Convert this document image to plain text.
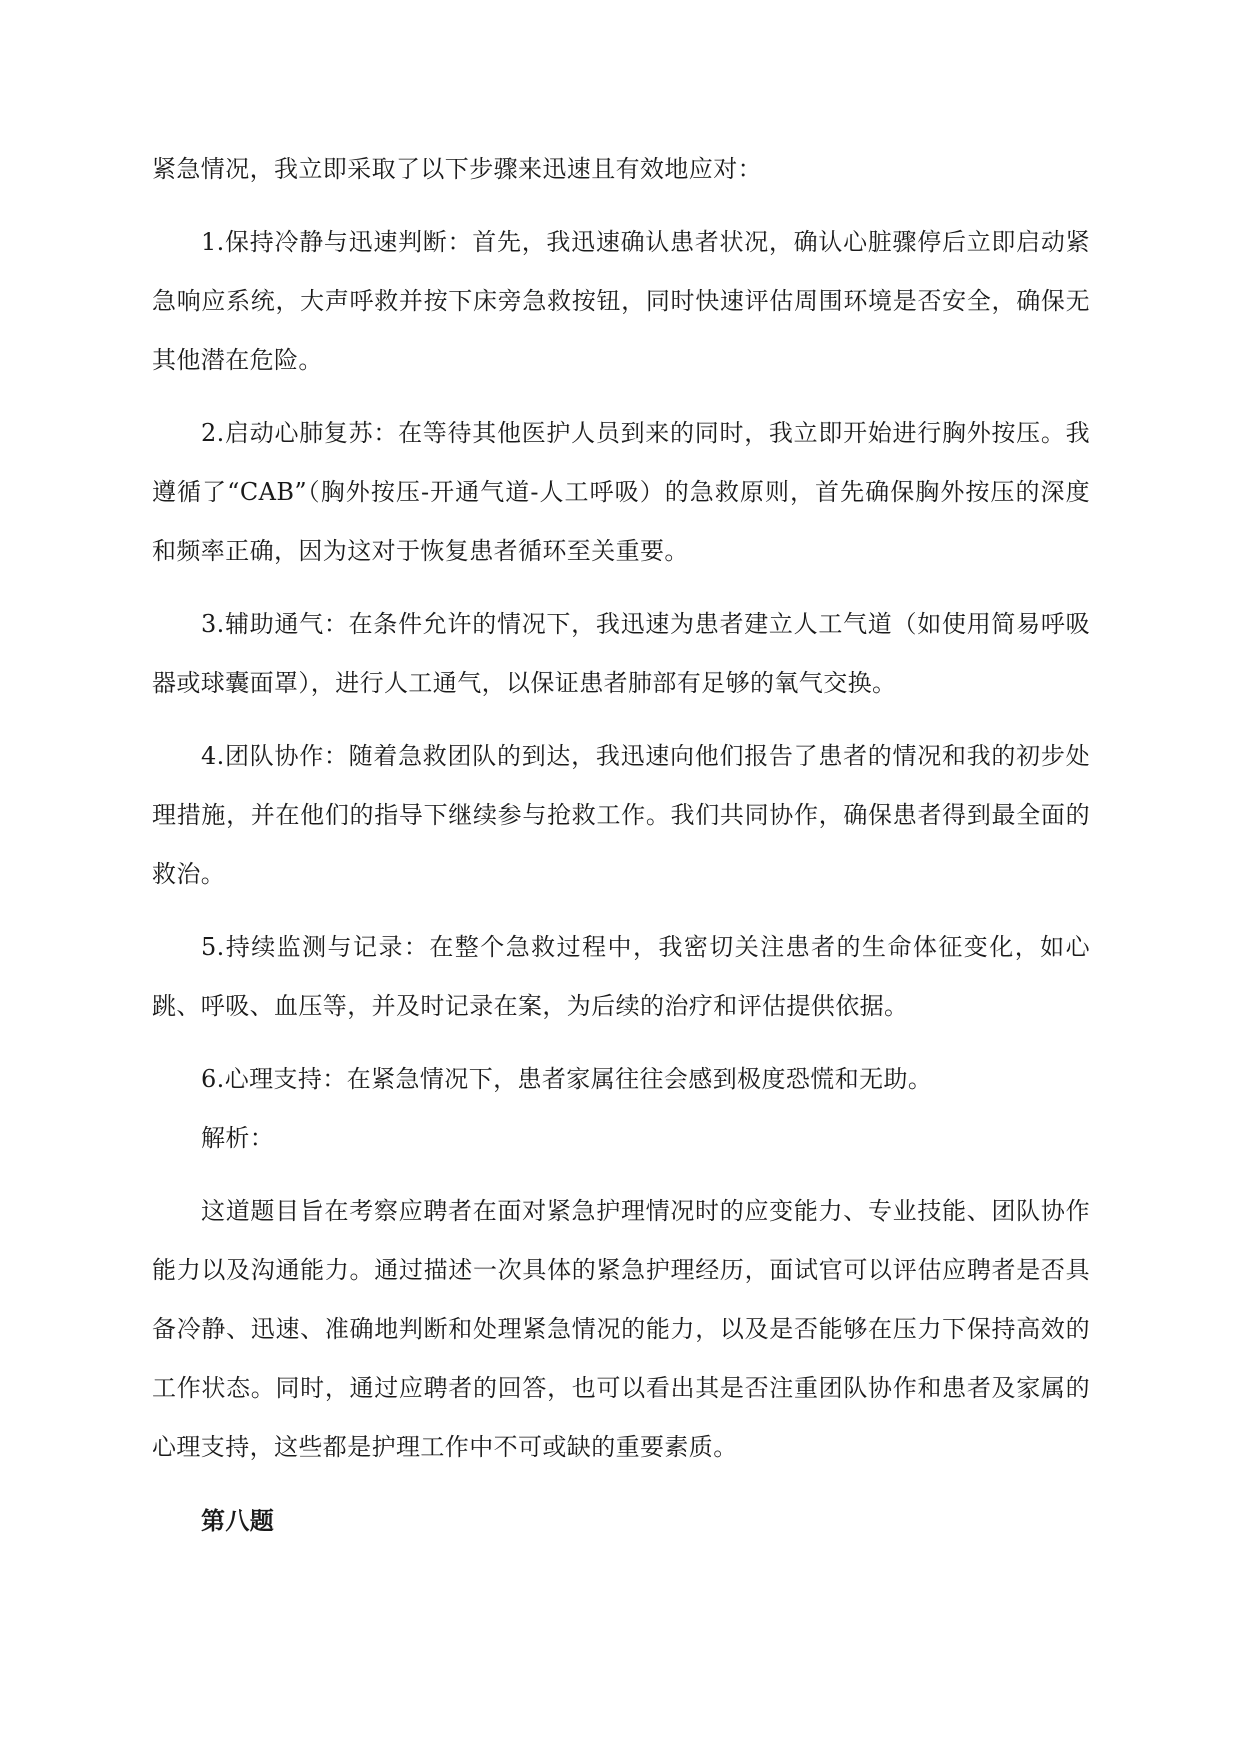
紧急情况，我立即采取了以下步骤来迅速且有效地应对：

1.保持冷静与迅速判断：首先，我迅速确认患者状况，确认心脏骤停后立即启动紧急响应系统，大声呼救并按下床旁急救按钮，同时快速评估周围环境是否安全，确保无其他潜在危险。

2.启动心肺复苏：在等待其他医护人员到来的同时，我立即开始进行胸外按压。我遵循了“CAB”（胸外按压-开通气道-人工呼吸）的急救原则，首先确保胸外按压的深度和频率正确，因为这对于恢复患者循环至关重要。

3.辅助通气：在条件允许的情况下，我迅速为患者建立人工气道（如使用简易呼吸器或球囊面罩），进行人工通气，以保证患者肺部有足够的氧气交换。

4.团队协作：随着急救团队的到达，我迅速向他们报告了患者的情况和我的初步处理措施，并在他们的指导下继续参与抢救工作。我们共同协作，确保患者得到最全面的救治。

5.持续监测与记录：在整个急救过程中，我密切关注患者的生命体征变化，如心跳、呼吸、血压等，并及时记录在案，为后续的治疗和评估提供依据。

6.心理支持：在紧急情况下，患者家属往往会感到极度恐慌和无助。

解析：

这道题目旨在考察应聘者在面对紧急护理情况时的应变能力、专业技能、团队协作能力以及沟通能力。通过描述一次具体的紧急护理经历，面试官可以评估应聘者是否具备冷静、迅速、准确地判断和处理紧急情况的能力，以及是否能够在压力下保持高效的工作状态。同时，通过应聘者的回答，也可以看出其是否注重团队协作和患者及家属的心理支持，这些都是护理工作中不可或缺的重要素质。

第八题
